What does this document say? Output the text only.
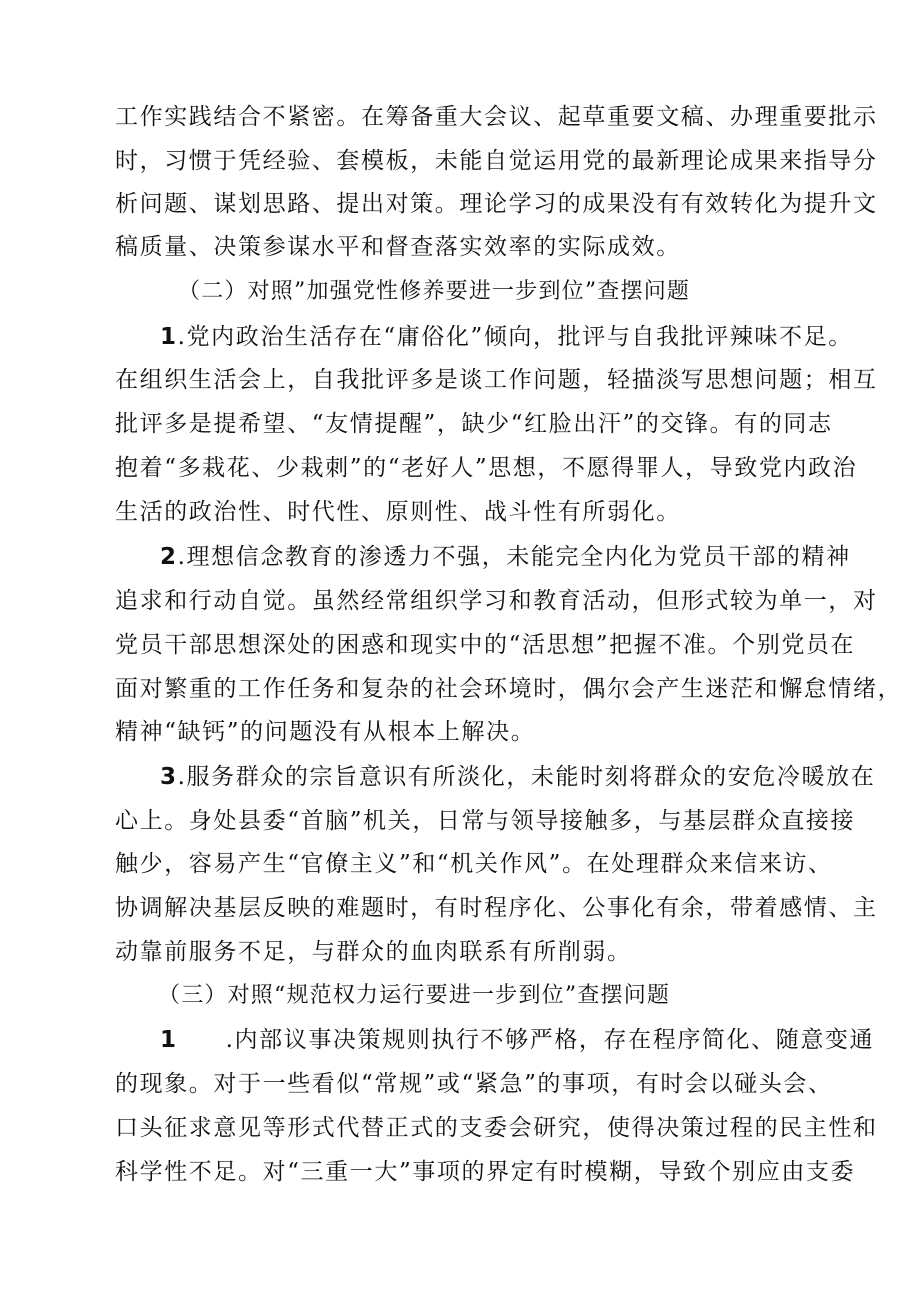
工作实践结合不紧密。在筹备重大会议、起草重要文稿、办理重要批示
时，习惯于凭经验、套模板，未能自觉运用党的最新理论成果来指导分
析问题、谋划思路、提出对策。理论学习的成果没有有效转化为提升文
稿质量、决策参谋水平和督查落实效率的实际成效。
（二）对照”加强党性修养要进一步到位”查摆问题
1.党内政治生活存在“庸俗化”倾向，批评与自我批评辣味不足。
在组织生活会上，自我批评多是谈工作问题，轻描淡写思想问题；相互
批评多是提希望、“友情提醒”，缺少“红脸出汗”的交锋。有的同志
抱着“多栽花、少栽刺”的“老好人”思想，不愿得罪人，导致党内政治
生活的政治性、时代性、原则性、战斗性有所弱化。
2.理想信念教育的渗透力不强，未能完全内化为党员干部的精神
追求和行动自觉。虽然经常组织学习和教育活动，但形式较为单一，对
党员干部思想深处的困惑和现实中的“活思想”把握不准。个别党员在
面对繁重的工作任务和复杂的社会环境时，偶尔会产生迷茫和懈怠情绪，
精神“缺钙”的问题没有从根本上解决。
3.服务群众的宗旨意识有所淡化，未能时刻将群众的安危冷暖放在
心上。身处县委“首脑”机关，日常与领导接触多，与基层群众直接接
触少，容易产生“官僚主义”和“机关作风”。在处理群众来信来访、
协调解决基层反映的难题时，有时程序化、公事化有余，带着感情、主
动靠前服务不足，与群众的血肉联系有所削弱。
（三）对照“规范权力运行要进一步到位”查摆问题
1 .内部议事决策规则执行不够严格，存在程序简化、随意变通
的现象。对于一些看似“常规”或“紧急”的事项，有时会以碰头会、
口头征求意见等形式代替正式的支委会研究，使得决策过程的民主性和
科学性不足。对“三重一大”事项的界定有时模糊，导致个别应由支委
